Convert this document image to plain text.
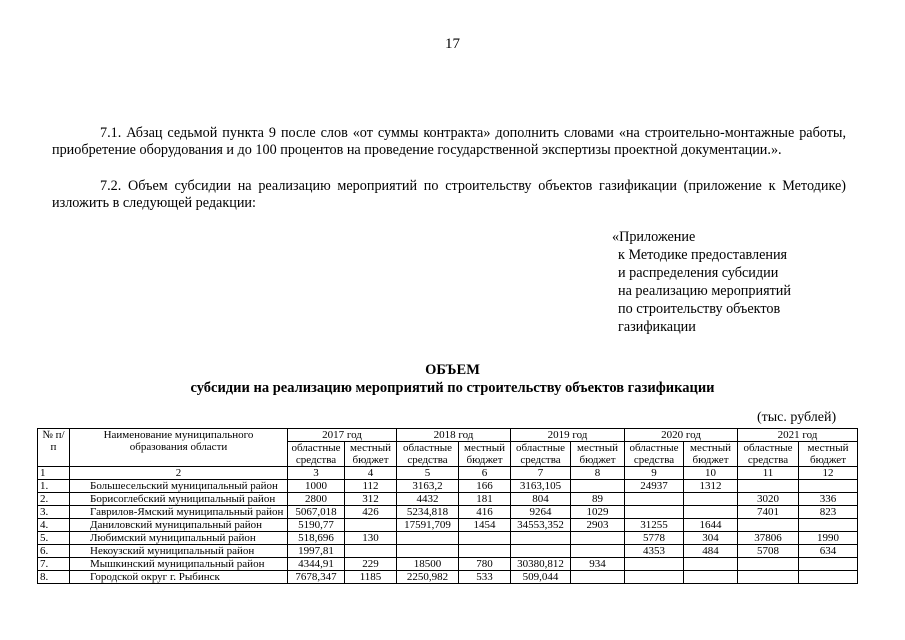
17
7.1. Абзац седьмой пункта 9 после слов «от суммы контракта» дополнить словами «на строительно-монтажные работы, приобретение оборудования и до 100 процентов на проведение государственной экспертизы проектной документации.».
7.2. Объем субсидии на реализацию мероприятий по строительству объектов газификации (приложение к Методике) изложить в следующей редакции:
«Приложение
к Методике предоставления
и распределения субсидии
на реализацию мероприятий
по строительству объектов
газификации
ОБЪЕМ
субсидии на реализацию мероприятий по строительству объектов газификации
(тыс. рублей)
№ п/п	Наименование муниципального образования области	2017 год		2018 год		2019 год		2020 год		2021 год	
		областные средства	местный бюджет	областные средства	местный бюджет	областные средства	местный бюджет	областные средства	местный бюджет	областные средства	местный бюджет
1	2	3	4	5	6	7	8	9	10	11	12
1.	Большесельский муниципальный район	1000	112	3163,2	166	3163,105		24937	1312		
2.	Борисоглебский муниципальный район	2800	312	4432	181	804	89			3020	336
3.	Гаврилов-Ямский муниципальный район	5067,018	426	5234,818	416	9264	1029			7401	823
4.	Даниловский муниципальный район	5190,77		17591,709	1454	34553,352	2903	31255	1644		
5.	Любимский муниципальный район	518,696	130					5778	304	37806	1990
6.	Некоузский муниципальный район	1997,81						4353	484	5708	634
7.	Мышкинский муниципальный район	4344,91	229	18500	780	30380,812	934				
8.	Городской округ г. Рыбинск	7678,347	1185	2250,982	533	509,044					
